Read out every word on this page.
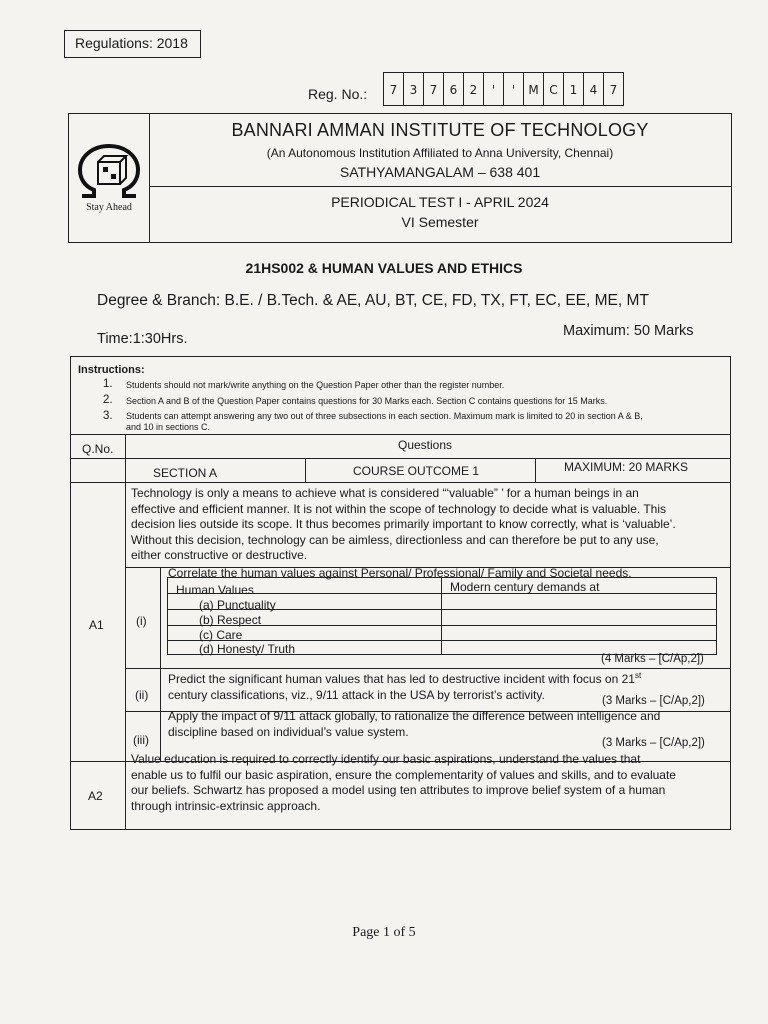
Regulations: 2018
Reg. No.:	7	3	7	6	2	'	'	M C 1	4	7
Stay Ahead
BANNARI AMMAN INSTITUTE OF TECHNOLOGY
(An Autonomous Institution Affiliated to Anna University, Chennai)
SATHYAMANGALAM – 638 401
PERIODICAL TEST I - APRIL 2024
VI Semester
21HS002 & HUMAN VALUES AND ETHICS
Degree & Branch: B.E. / B.Tech. & AE, AU, BT, CE, FD, TX, FT, EC, EE, ME, MT
Time:1:30Hrs.	Maximum: 50 Marks
Instructions:
1. Students should not mark/write anything on the Question Paper other than the register number.
2. Section A and B of the Question Paper contains questions for 30 Marks each. Section C contains questions for 15 Marks.
3. Students can attempt answering any two out of three subsections in each section. Maximum mark is limited to 20 in section A & B,
and 10 in sections C.
Q.No.	Questions
SECTION A	COURSE OUTCOME 1	MAXIMUM: 20 MARKS
A1
Technology is only a means to achieve what is considered “‘valuable” ’ for a human beings in an
effective and efficient manner. It is not within the scope of technology to decide what is valuable. This
decision lies outside its scope. It thus becomes primarily important to know correctly, what is ‘valuable’.
Without this decision, technology can be aimless, directionless and can therefore be put to any use,
either constructive or destructive.
(i)
Correlate the human values against Personal/ Professional/ Family and Societal needs.
Human Values	Modern century demands at
(a) Punctuality
(b) Respect
(c) Care
(d) Honesty/ Truth
(4 Marks – [C/Ap,2])
(ii)
Predict the significant human values that has led to destructive incident with focus on 21st
century classifications, viz., 9/11 attack in the USA by terrorist’s activity.	(3 Marks – [C/Ap,2])
(iii)
Apply the impact of 9/11 attack globally, to rationalize the difference between intelligence and
discipline based on individual’s value system.
(3 Marks – [C/Ap,2])
A2
Value education is required to correctly identify our basic aspirations, understand the values that
enable us to fulfil our basic aspiration, ensure the complementarity of values and skills, and to evaluate
our beliefs. Schwartz has proposed a model using ten attributes to improve belief system of a human
through intrinsic-extrinsic approach.
Page 1 of 5
